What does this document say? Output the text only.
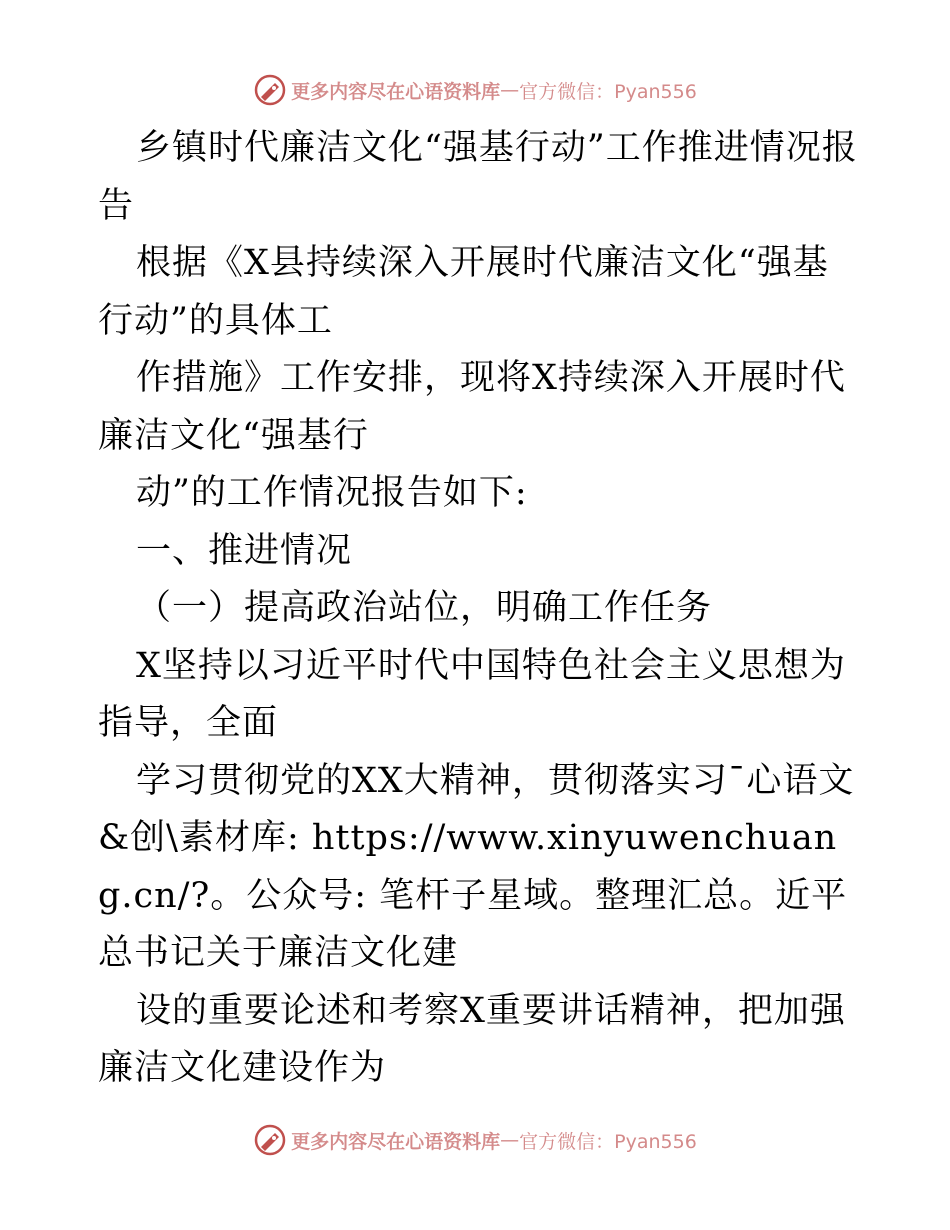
更多内容尽在心语资料库 — 官方微信：Pyan556

乡镇时代廉洁文化“强基行动”工作推进情况报告

根据《X县持续深入开展时代廉洁文化“强基行动”的具体工

作措施》工作安排，现将X持续深入开展时代廉洁文化“强基行

动”的工作情况报告如下:

一、推进情况

（一）提高政治站位，明确工作任务

X坚持以习近平时代中国特色社会主义思想为指导，全面

学习贯彻党的XX大精神，贯彻落实习¯心语文&创\素材库: https://www.xinyuwenchuang.cn/?。公众号: 笔杆子星域。整理汇总。近平总书记关于廉洁文化建

设的重要论述和考察X重要讲话精神，把加强廉洁文化建设作为

更多内容尽在心语资料库 — 官方微信：Pyan556
